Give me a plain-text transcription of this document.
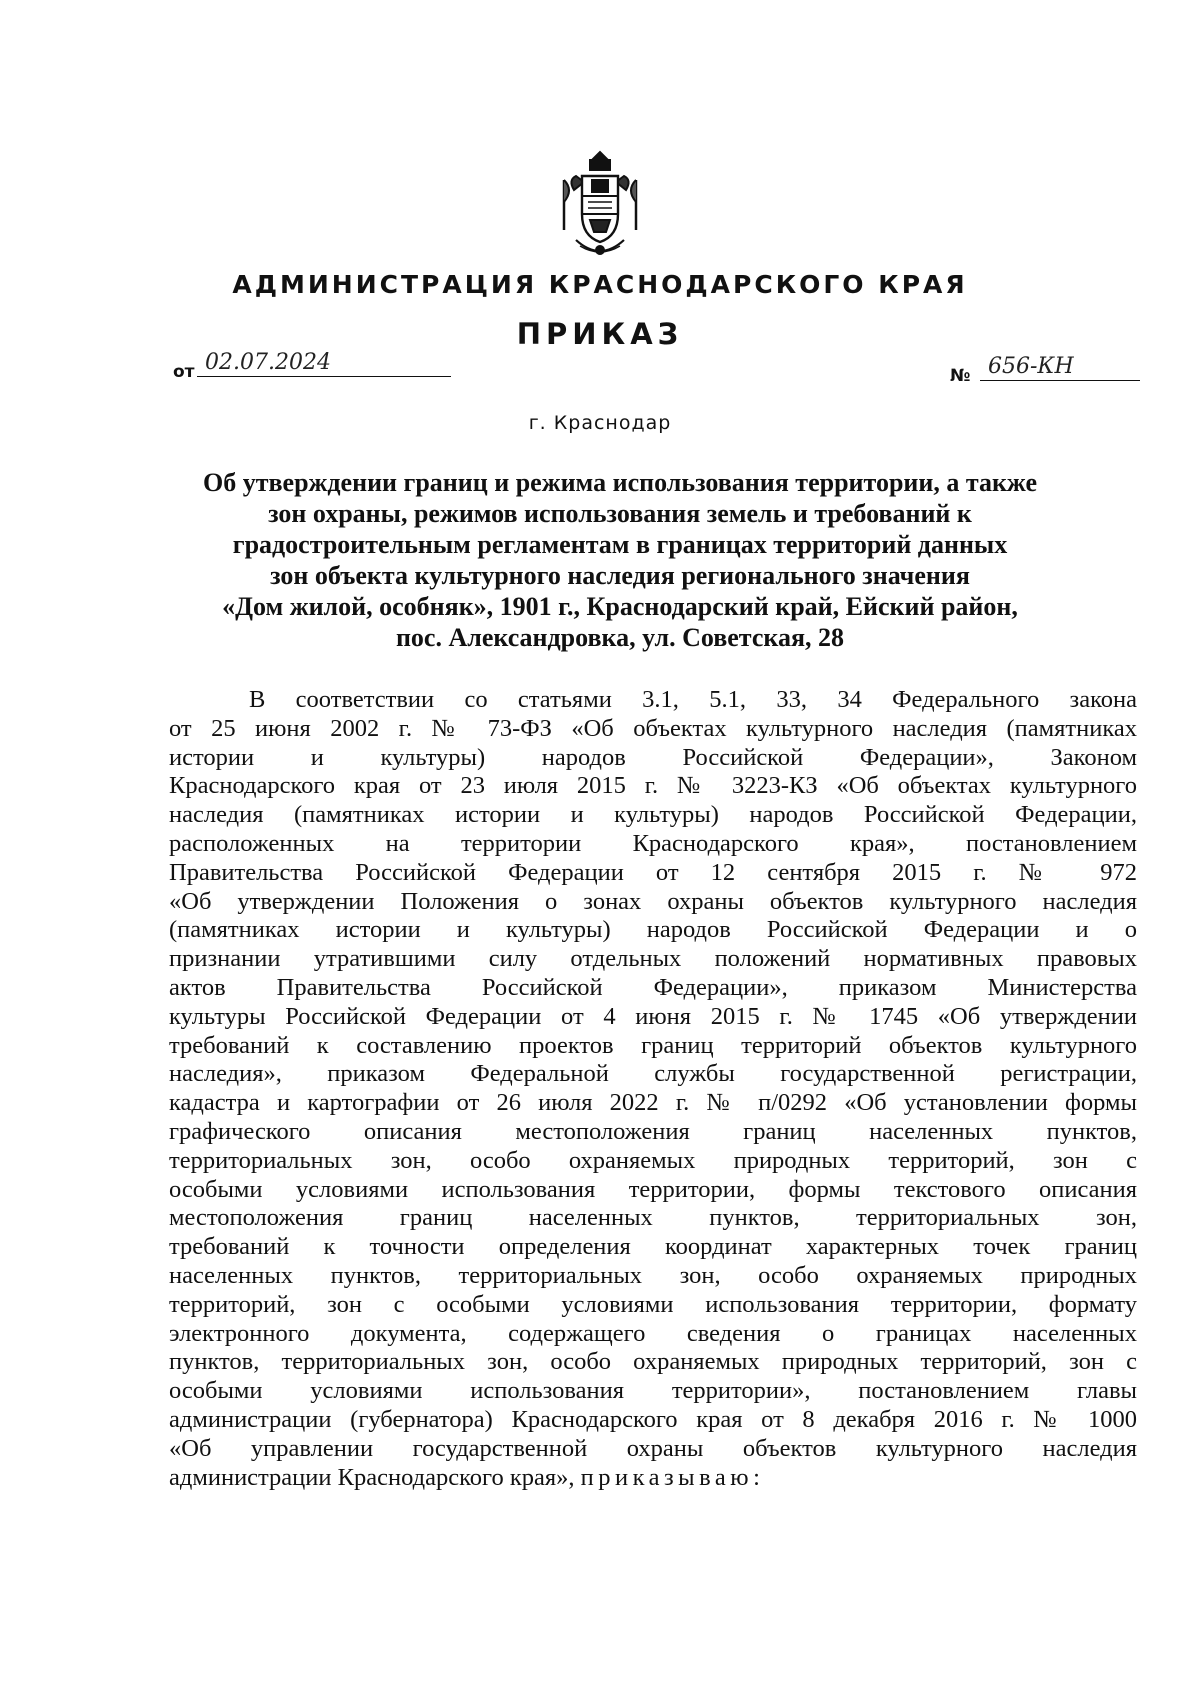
АДМИНИСТРАЦИЯ КРАСНОДАРСКОГО КРАЯ
ПРИКАЗ
от 02.07.2024
№ 656-КН
г. Краснодар
Об утверждении границ и режима использования территории, а также
зон охраны, режимов использования земель и требований к
градостроительным регламентам в границах территорий данных
зон объекта культурного наследия регионального значения
«Дом жилой, особняк», 1901 г., Краснодарский край, Ейский район,
пос. Александровка, ул. Советская, 28
В соответствии со статьями 3.1, 5.1, 33, 34 Федерального закона
от 25 июня 2002 г. № 73-ФЗ «Об объектах культурного наследия (памятниках
истории и культуры) народов Российской Федерации», Законом
Краснодарского края от 23 июля 2015 г. № 3223-КЗ «Об объектах культурного
наследия (памятниках истории и культуры) народов Российской Федерации,
расположенных на территории Краснодарского края», постановлением
Правительства Российской Федерации от 12 сентября 2015 г. № 972
«Об утверждении Положения о зонах охраны объектов культурного наследия
(памятниках истории и культуры) народов Российской Федерации и о
признании утратившими силу отдельных положений нормативных правовых
актов Правительства Российской Федерации», приказом Министерства
культуры Российской Федерации от 4 июня 2015 г. № 1745 «Об утверждении
требований к составлению проектов границ территорий объектов культурного
наследия», приказом Федеральной службы государственной регистрации,
кадастра и картографии от 26 июля 2022 г. № п/0292 «Об установлении формы
графического описания местоположения границ населенных пунктов,
территориальных зон, особо охраняемых природных территорий, зон с
особыми условиями использования территории, формы текстового описания
местоположения границ населенных пунктов, территориальных зон,
требований к точности определения координат характерных точек границ
населенных пунктов, территориальных зон, особо охраняемых природных
территорий, зон с особыми условиями использования территории, формату
электронного документа, содержащего сведения о границах населенных
пунктов, территориальных зон, особо охраняемых природных территорий, зон с
особыми условиями использования территории», постановлением главы
администрации (губернатора) Краснодарского края от 8 декабря 2016 г. № 1000
«Об управлении государственной охраны объектов культурного наследия
администрации Краснодарского края», приказываю:
